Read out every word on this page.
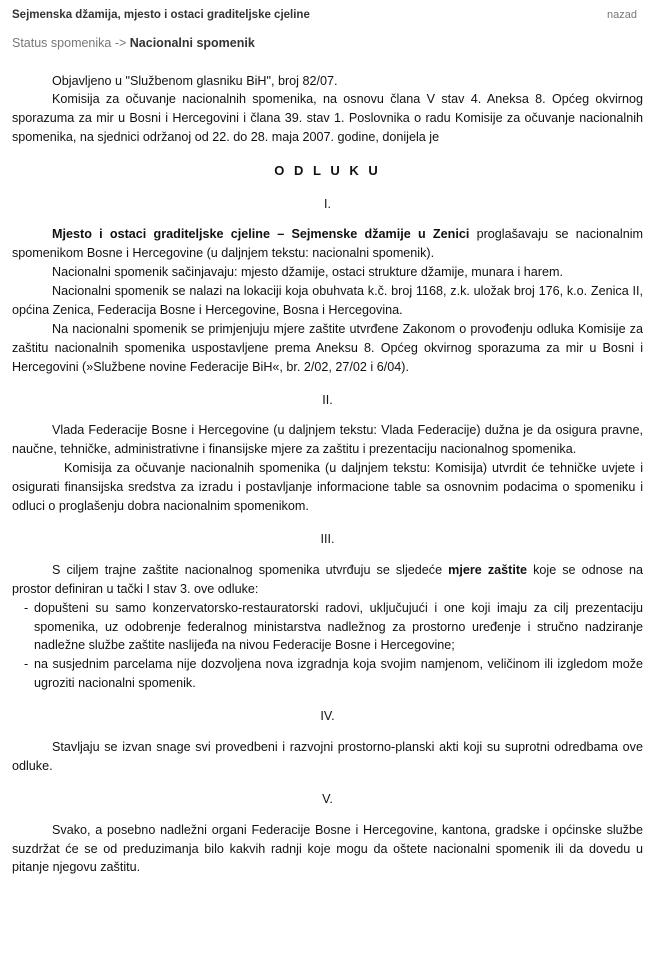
Sejmenska džamija, mjesto i ostaci graditeljske cjeline	nazad
Status spomenika -> Nacionalni spomenik

Objavljeno u "Službenom glasniku BiH", broj 82/07.

Komisija za očuvanje nacionalnih spomenika, na osnovu člana V stav 4. Aneksa 8. Općeg okvirnog sporazuma za mir u Bosni i Hercegovini i člana 39. stav 1. Poslovnika o radu Komisije za očuvanje nacionalnih spomenika, na sjednici održanoj od 22. do 28. maja 2007. godine, donijela je

O D L U K U

I.

Mjesto i ostaci graditeljske cjeline – Sejmenske džamije u Zenici proglašavaju se nacionalnim spomenikom Bosne i Hercegovine (u daljnjem tekstu: nacionalni spomenik).

Nacionalni spomenik sačinjavaju: mjesto džamije, ostaci strukture džamije, munara i harem.

Nacionalni spomenik se nalazi na lokaciji koja obuhvata k.č. broj 1168, z.k. uložak broj 176, k.o. Zenica II, općina Zenica, Federacija Bosne i Hercegovine, Bosna i Hercegovina.

Na nacionalni spomenik se primjenjuju mjere zaštite utvrđene Zakonom o provođenju odluka Komisije za zaštitu nacionalnih spomenika uspostavljene prema Aneksu 8. Općeg okvirnog sporazuma za mir u Bosni i Hercegovini (»Službene novine Federacije BiH«, br. 2/02, 27/02 i 6/04).

II.

Vlada Federacije Bosne i Hercegovine (u daljnjem tekstu: Vlada Federacije) dužna je da osigura pravne, naučne, tehničke, administrativne i finansijske mjere za zaštitu i prezentaciju nacionalnog spomenika.

Komisija za očuvanje nacionalnih spomenika (u daljnjem tekstu: Komisija) utvrdit će tehničke uvjete i osigurati finansijska sredstva za izradu i postavljanje informacione table sa osnovnim podacima o spomeniku i odluci o proglašenju dobra nacionalnim spomenikom.

III.

S ciljem trajne zaštite nacionalnog spomenika utvrđuju se sljedeće mjere zaštite koje se odnose na prostor definiran u tački I stav 3. ove odluke:

- dopušteni su samo konzervatorsko-restauratorski radovi, uključujući i one koji imaju za cilj prezentaciju spomenika, uz odobrenje federalnog ministarstva nadležnog za prostorno uređenje i stručno nadziranje nadležne službe zaštite naslijeđa na nivou Federacije Bosne i Hercegovine;
- na susjednim parcelama nije dozvoljena nova izgradnja koja svojim namjenom, veličinom ili izgledom može ugroziti nacionalni spomenik.

IV.

Stavljaju se izvan snage svi provedbeni i razvojni prostorno-planski akti koji su suprotni odredbama ove odluke.

V.

Svako, a posebno nadležni organi Federacije Bosne i Hercegovine, kantona, gradske i općinske službe suzdržat će se od preduzimanja bilo kakvih radnji koje mogu da oštete nacionalni spomenik ili da dovedu u pitanje njegovu zaštitu.
